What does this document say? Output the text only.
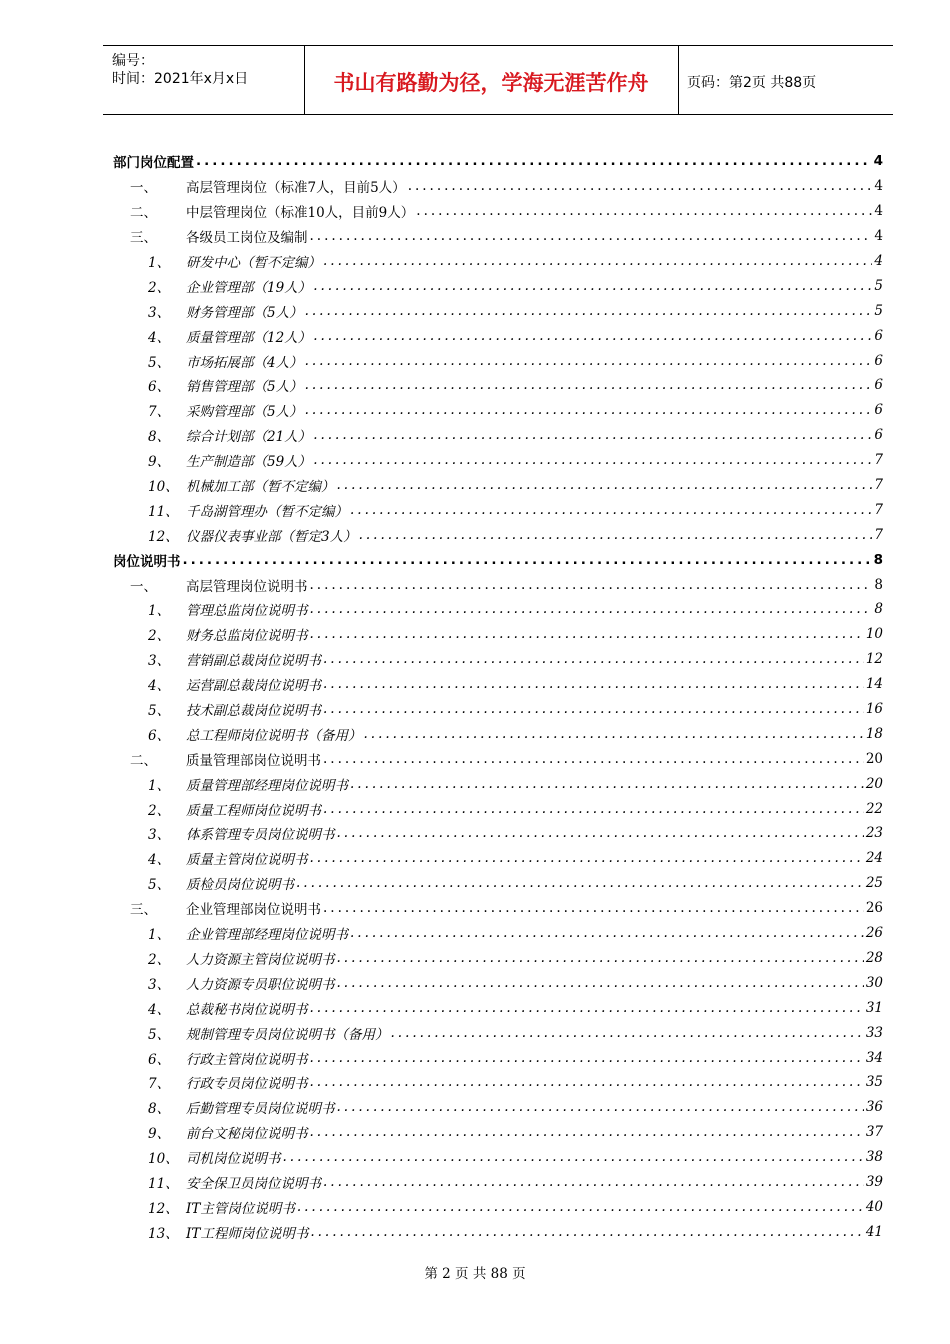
编号：
时间：2021年x月x日	书山有路勤为径，学海无涯苦作舟	页码：第2页 共88页
部门岗位配置 .....	4
一、 高层管理岗位（标准7人，目前5人） .....	4
二、 中层管理岗位（标准10人，目前9人） .....	4
三、 各级员工岗位及编制 .....	4
1、 研发中心（暂不定编） .....	4
2、 企业管理部（19人） .....	5
3、 财务管理部（5人） .....	5
4、 质量管理部（12人） .....	6
5、 市场拓展部（4人） .....	6
6、 销售管理部（5人） .....	6
7、 采购管理部（5人） .....	6
8、 综合计划部（21人） .....	6
9、 生产制造部（59人） .....	7
10、 机械加工部（暂不定编） .....	7
11、 千岛湖管理办（暂不定编） .....	7
12、 仪器仪表事业部（暂定3人） .....	7
岗位说明书 .....	8
一、 高层管理岗位说明书 .....	8
1、 管理总监岗位说明书 .....	8
2、 财务总监岗位说明书 .....	10
3、 营销副总裁岗位说明书 .....	12
4、 运营副总裁岗位说明书 .....	14
5、 技术副总裁岗位说明书 .....	16
6、 总工程师岗位说明书（备用） .....	18
二、 质量管理部岗位说明书 .....	20
1、 质量管理部经理岗位说明书 .....	20
2、 质量工程师岗位说明书 .....	22
3、 体系管理专员岗位说明书 .....	23
4、 质量主管岗位说明书 .....	24
5、 质检员岗位说明书 .....	25
三、 企业管理部岗位说明书 .....	26
1、 企业管理部经理岗位说明书 .....	26
2、 人力资源主管岗位说明书 .....	28
3、 人力资源专员职位说明书 .....	30
4、 总裁秘书岗位说明书 .....	31
5、 规制管理专员岗位说明书（备用） .....	33
6、 行政主管岗位说明书 .....	34
7、 行政专员岗位说明书 .....	35
8、 后勤管理专员岗位说明书 .....	36
9、 前台文秘岗位说明书 .....	37
10、 司机岗位说明书 .....	38
11、 安全保卫员岗位说明书 .....	39
12、 IT主管岗位说明书 .....	40
13、 IT工程师岗位说明书 .....	41
第 2 页 共 88 页
